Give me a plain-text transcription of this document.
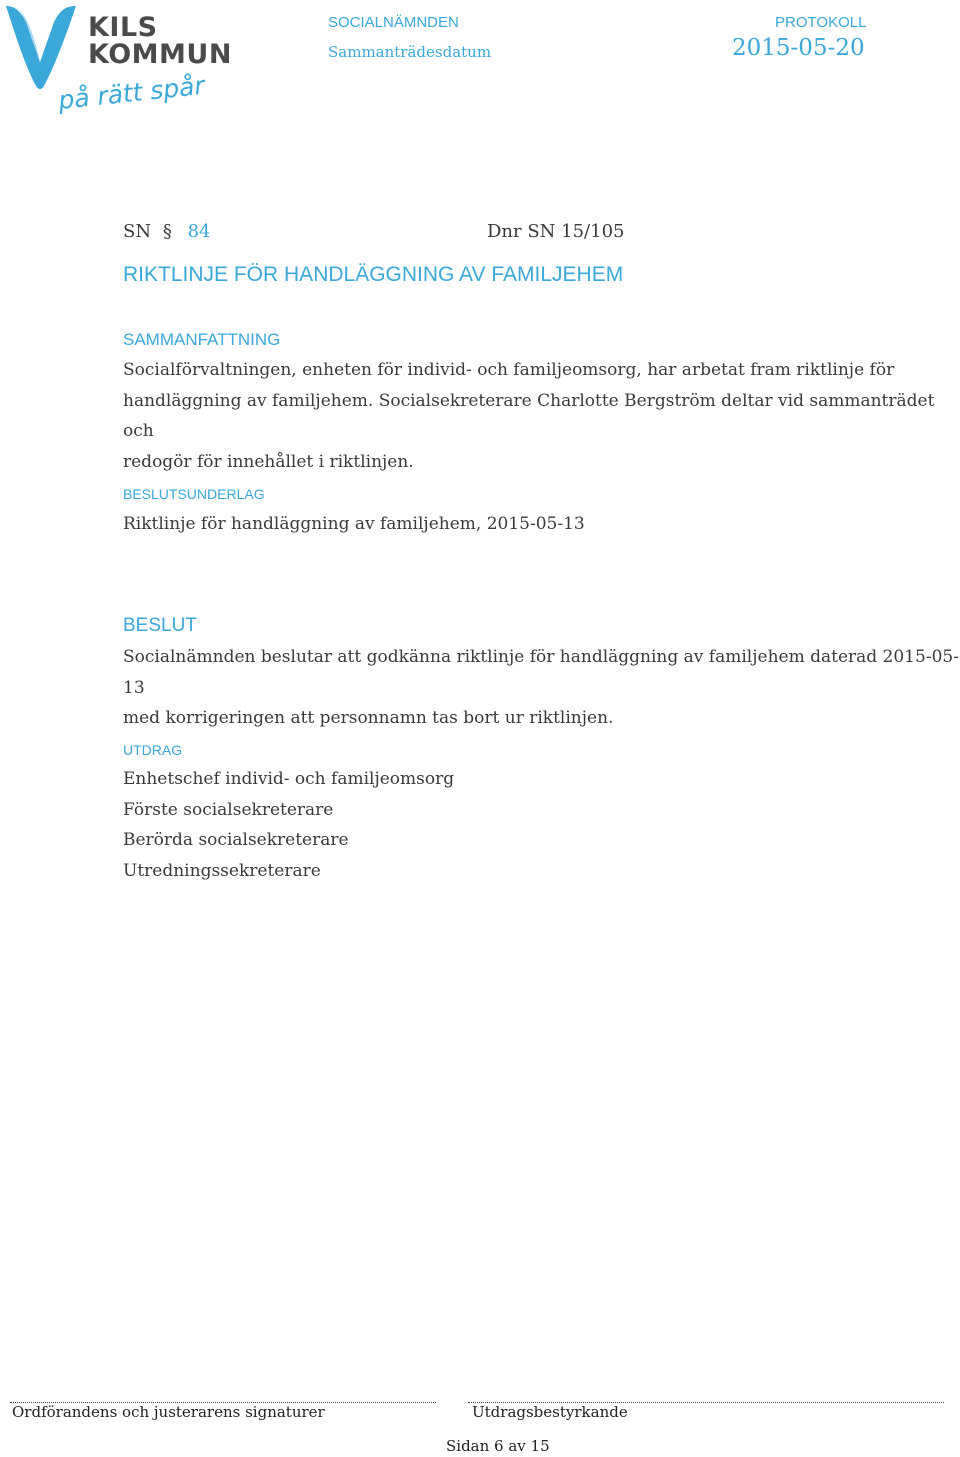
KILS
KOMMUN
på rätt spår
SOCIALNÄMNDEN
Sammanträdesdatum
PROTOKOLL
2015-05-20
SN § 84	Dnr SN 15/105
RIKTLINJE FÖR HANDLÄGGNING AV FAMILJEHEM
SAMMANFATTNING
Socialförvaltningen, enheten för individ- och familjeomsorg, har arbetat fram riktlinje för
handläggning av familjehem. Socialsekreterare Charlotte Bergström deltar vid sammanträdet och
redogör för innehållet i riktlinjen.
BESLUTSUNDERLAG
Riktlinje för handläggning av familjehem, 2015-05-13
BESLUT
Socialnämnden beslutar att godkänna riktlinje för handläggning av familjehem daterad 2015-05-13
med korrigeringen att personnamn tas bort ur riktlinjen.
UTDRAG
Enhetschef individ- och familjeomsorg
Förste socialsekreterare
Berörda socialsekreterare
Utredningssekreterare
Ordförandens och justerarens signaturer	Utdragsbestyrkande
Sidan 6 av 15
